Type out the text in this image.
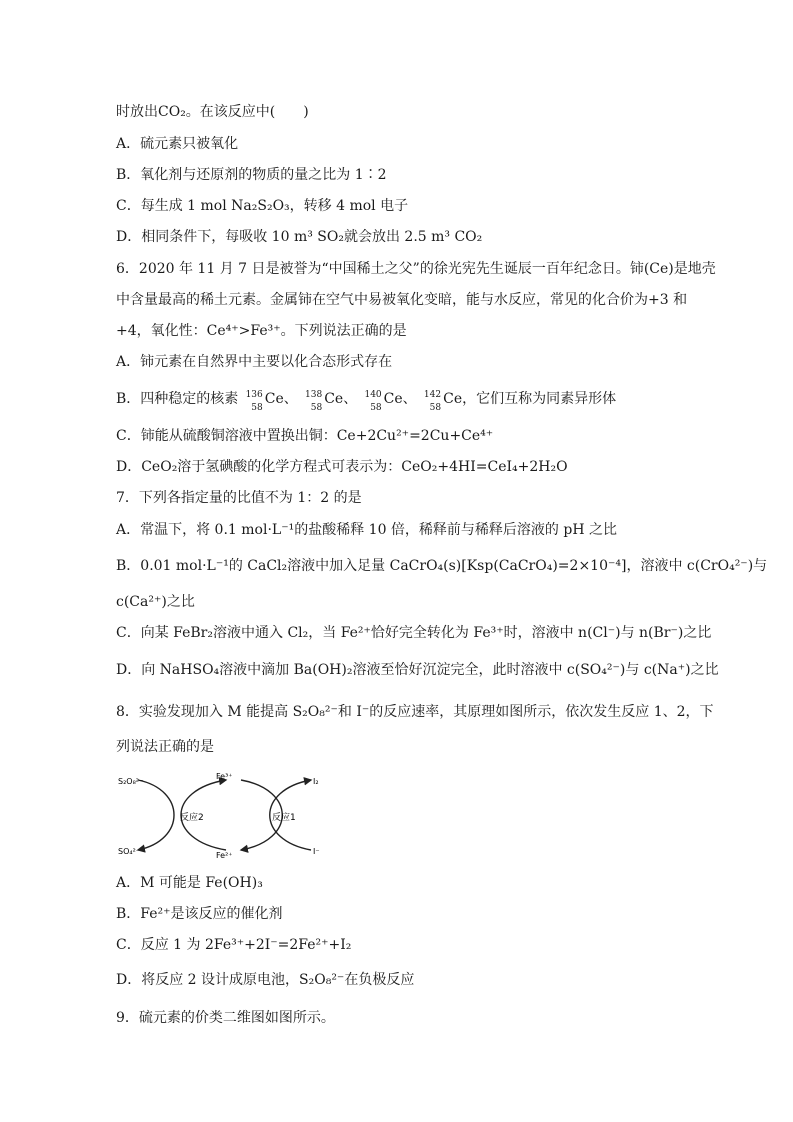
时放出CO₂。在该反应中(　　)
A．硫元素只被氧化
B．氧化剂与还原剂的物质的量之比为 1∶2
C．每生成 1 mol Na₂S₂O₃，转移 4 mol 电子
D．相同条件下，每吸收 10 m³ SO₂就会放出 2.5 m³ CO₂
6．2020 年 11 月 7 日是被誉为“中国稀土之父”的徐光宪先生诞辰一百年纪念日。铈(Ce)是地壳
中含量最高的稀土元素。金属铈在空气中易被氧化变暗，能与水反应，常见的化合价为+3 和
+4，氧化性：Ce⁴⁺>Fe³⁺。下列说法正确的是
A．铈元素在自然界中主要以化合态形式存在
B．四种稳定的核素 136
58
Ce、 138
58
Ce、 140
58
Ce、 142
58
Ce，它们互称为同素异形体
C．铈能从硫酸铜溶液中置换出铜：Ce+2Cu²⁺=2Cu+Ce⁴⁺
D．CeO₂溶于氢碘酸的化学方程式可表示为：CeO₂+4HI=CeI₄+2H₂O
7．下列各指定量的比值不为 1：2 的是
A．常温下，将 0.1 mol·L⁻¹的盐酸稀释 10 倍，稀释前与稀释后溶液的 pH 之比
B．0.01 mol·L⁻¹的 CaCl₂溶液中加入足量 CaCrO₄(s)[Ksp(CaCrO₄)=2×10⁻⁴]，溶液中 c(CrO₄²⁻)与
c(Ca²⁺)之比
C．向某 FeBr₂溶液中通入 Cl₂，当 Fe²⁺恰好完全转化为 Fe³⁺时，溶液中 n(Cl⁻)与 n(Br⁻)之比
D．向 NaHSO₄溶液中滴加 Ba(OH)₂溶液至恰好沉淀完全，此时溶液中 c(SO₄²⁻)与 c(Na⁺)之比
8．实验发现加入 M 能提高 S₂O₈²⁻和 I⁻的反应速率，其原理如图所示，依次发生反应 1、2，下
列说法正确的是
S₂O₈²⁻
SO₄²⁻
Fe³⁺
Fe²⁺
I₂
I⁻
反应2	反应1
A．M 可能是 Fe(OH)₃
B．Fe²⁺是该反应的催化剂
C．反应 1 为 2Fe³⁺+2I⁻=2Fe²⁺+I₂
D．将反应 2 设计成原电池，S₂O₈²⁻在负极反应
9．硫元素的价类二维图如图所示。
